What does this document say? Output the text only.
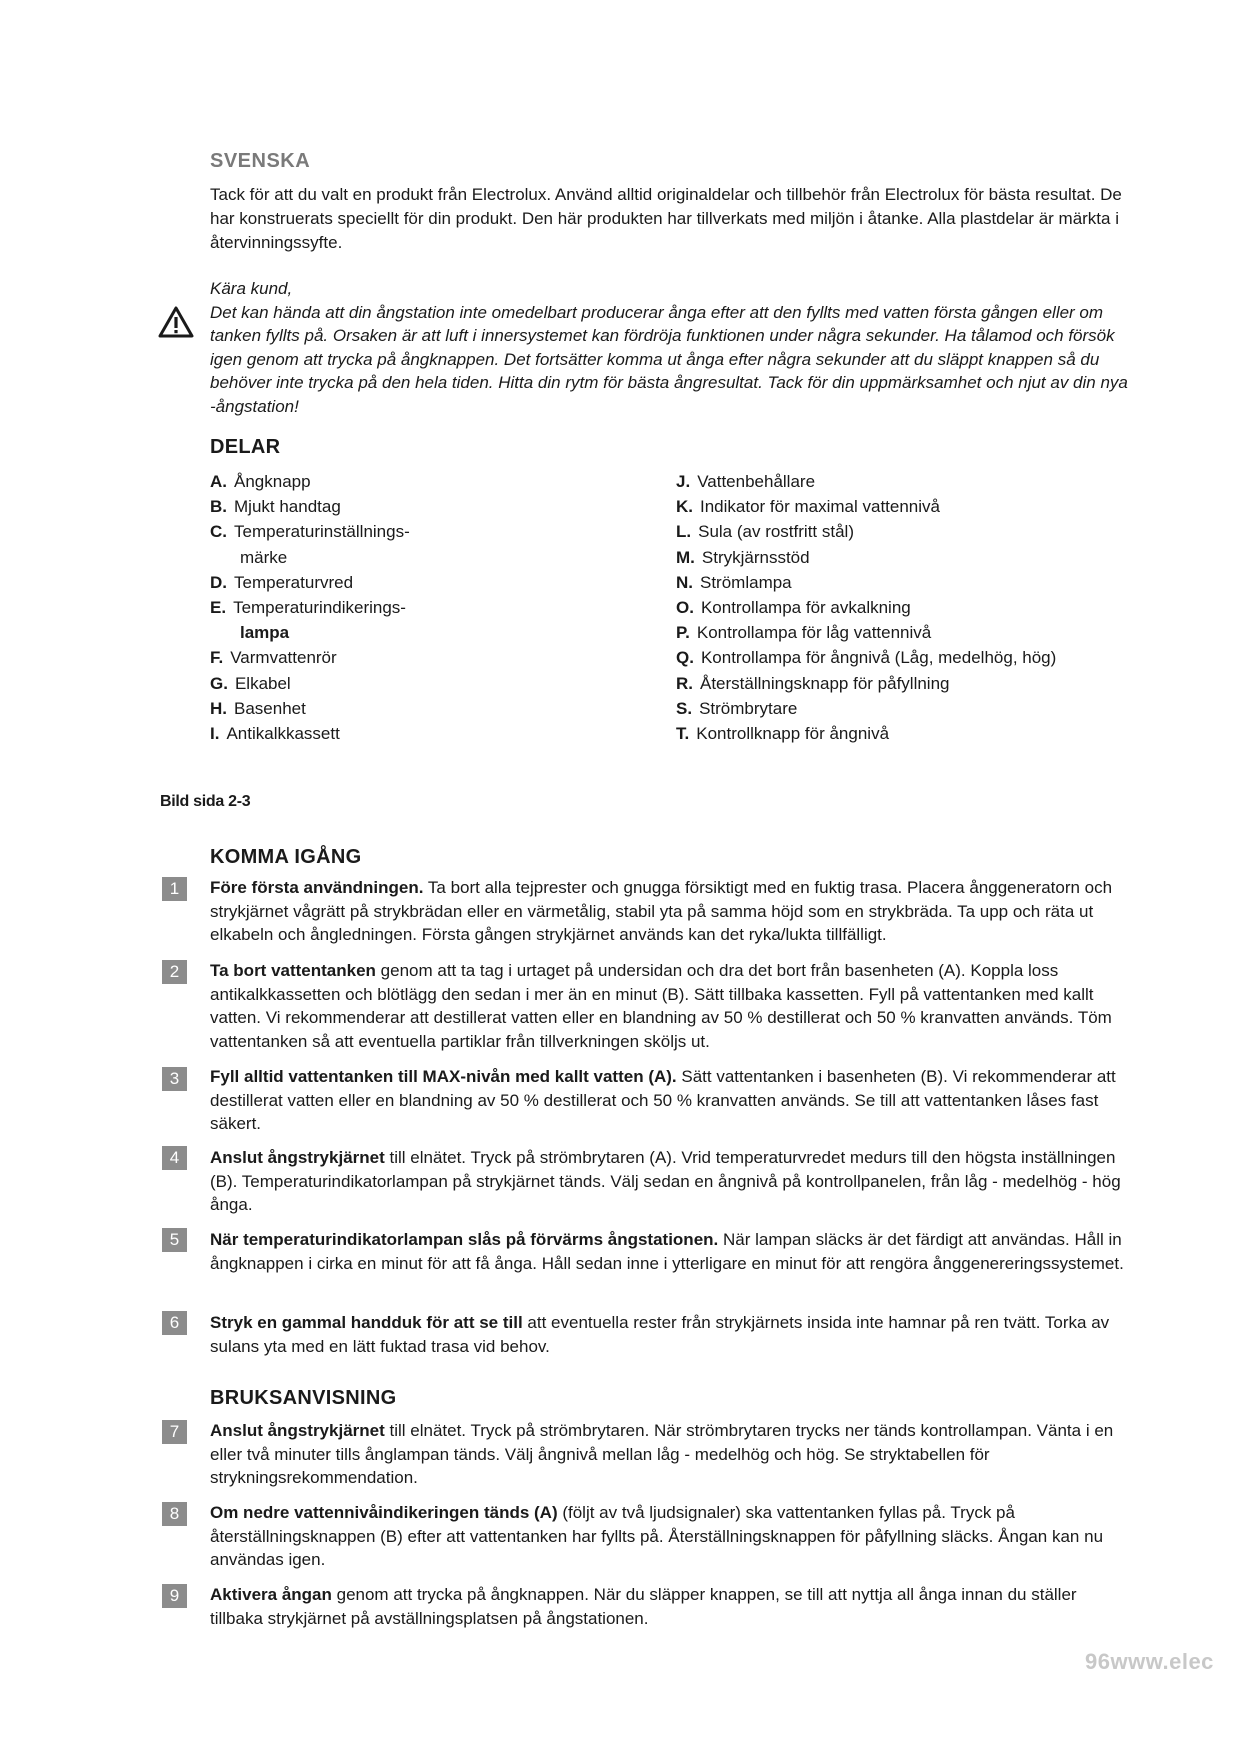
SVENSKA
Tack för att du valt en produkt från Electrolux. Använd alltid originaldelar och tillbehör från Electrolux för bästa resultat. De har konstruerats speciellt för din produkt. Den här produkten har tillverkats med miljön i åtanke. Alla plastdelar är märkta i återvinningssyfte.

Kära kund,

Det kan hända att din ångstation inte omedelbart producerar ånga efter att den fyllts med vatten första gången eller om tanken fyllts på. Orsaken är att luft i innersystemet kan fördröja funktionen under några sekunder. Ha tålamod och försök igen genom att trycka på ångknappen. Det fortsätter komma ut ånga efter några sekunder att du släppt knappen så du behöver inte trycka på den hela tiden. Hitta din rytm för bästa ångresultat. Tack för din uppmärksamhet och njut av din nya -ångstation!

DELAR
A. Ångknapp
B. Mjukt handtag
C. Temperaturinställnings-
märke
D. Temperaturvred
E. Temperaturindikerings-
lampa
F. Varmvattenrör
G. Elkabel
H. Basenhet
I. Antikalkkassett
J. Vattenbehållare
K. Indikator för maximal vattennivå
L. Sula (av rostfritt stål)
M. Strykjärnsstöd
N. Strömlampa
O. Kontrollampa för avkalkning
P. Kontrollampa för låg vattennivå
Q. Kontrollampa för ångnivå (Låg, medelhög, hög)
R. Återställningsknapp för påfyllning
S. Strömbrytare
T. Kontrollknapp för ångnivå
Bild sida 2-3
KOMMA IGÅNG
1	Före första användningen. Ta bort alla tejprester och gnugga försiktigt med en fuktig trasa. Placera ånggeneratorn och strykjärnet vågrätt på strykbrädan eller en värmetålig, stabil yta på samma höjd som en strykbräda. Ta upp och räta ut elkabeln och ångledningen. Första gången strykjärnet används kan det ryka/lukta tillfälligt.
2	Ta bort vattentanken genom att ta tag i urtaget på undersidan och dra det bort från basenheten (A). Koppla loss antikalkkassetten och blötlägg den sedan i mer än en minut (B). Sätt tillbaka kassetten. Fyll på vattentanken med kallt vatten. Vi rekommenderar att destillerat vatten eller en blandning av 50 % destillerat och 50 % kranvatten används. Töm vattentanken så att eventuella partiklar från tillverkningen sköljs ut.
3	Fyll alltid vattentanken till MAX-nivån med kallt vatten (A). Sätt vattentanken i basenheten (B). Vi rekommenderar att destillerat vatten eller en blandning av 50 % destillerat och 50 % kranvatten används. Se till att vattentanken låses fast säkert.
4	Anslut ångstrykjärnet till elnätet. Tryck på strömbrytaren (A). Vrid temperaturvredet medurs till den högsta inställningen (B). Temperaturindikatorlampan på strykjärnet tänds. Välj sedan en ångnivå på kontrollpanelen, från låg - medelhög - hög ånga.
5	När temperaturindikatorlampan slås på förvärms ångstationen. När lampan släcks är det färdigt att användas. Håll in ångknappen i cirka en minut för att få ånga. Håll sedan inne i ytterligare en minut för att rengöra ånggenereringssystemet.
6	Stryk en gammal handduk för att se till att eventuella rester från strykjärnets insida inte hamnar på ren tvätt. Torka av sulans yta med en lätt fuktad trasa vid behov.
BRUKSANVISNING
7	Anslut ångstrykjärnet till elnätet. Tryck på strömbrytaren. När strömbrytaren trycks ner tänds kontrollampan. Vänta i en eller två minuter tills ånglampan tänds. Välj ångnivå mellan låg - medelhög och hög. Se stryktabellen för strykningsrekommendation.
8	Om nedre vattennivåindikeringen tänds (A) (följt av två ljudsignaler) ska vattentanken fyllas på. Tryck på återställningsknappen (B) efter att vattentanken har fyllts på. Återställningsknappen för påfyllning släcks. Ångan kan nu användas igen.
9	Aktivera ångan genom att trycka på ångknappen. När du släpper knappen, se till att nyttja all ånga innan du ställer tillbaka strykjärnet på avställningsplatsen på ångstationen.
96www.elec
